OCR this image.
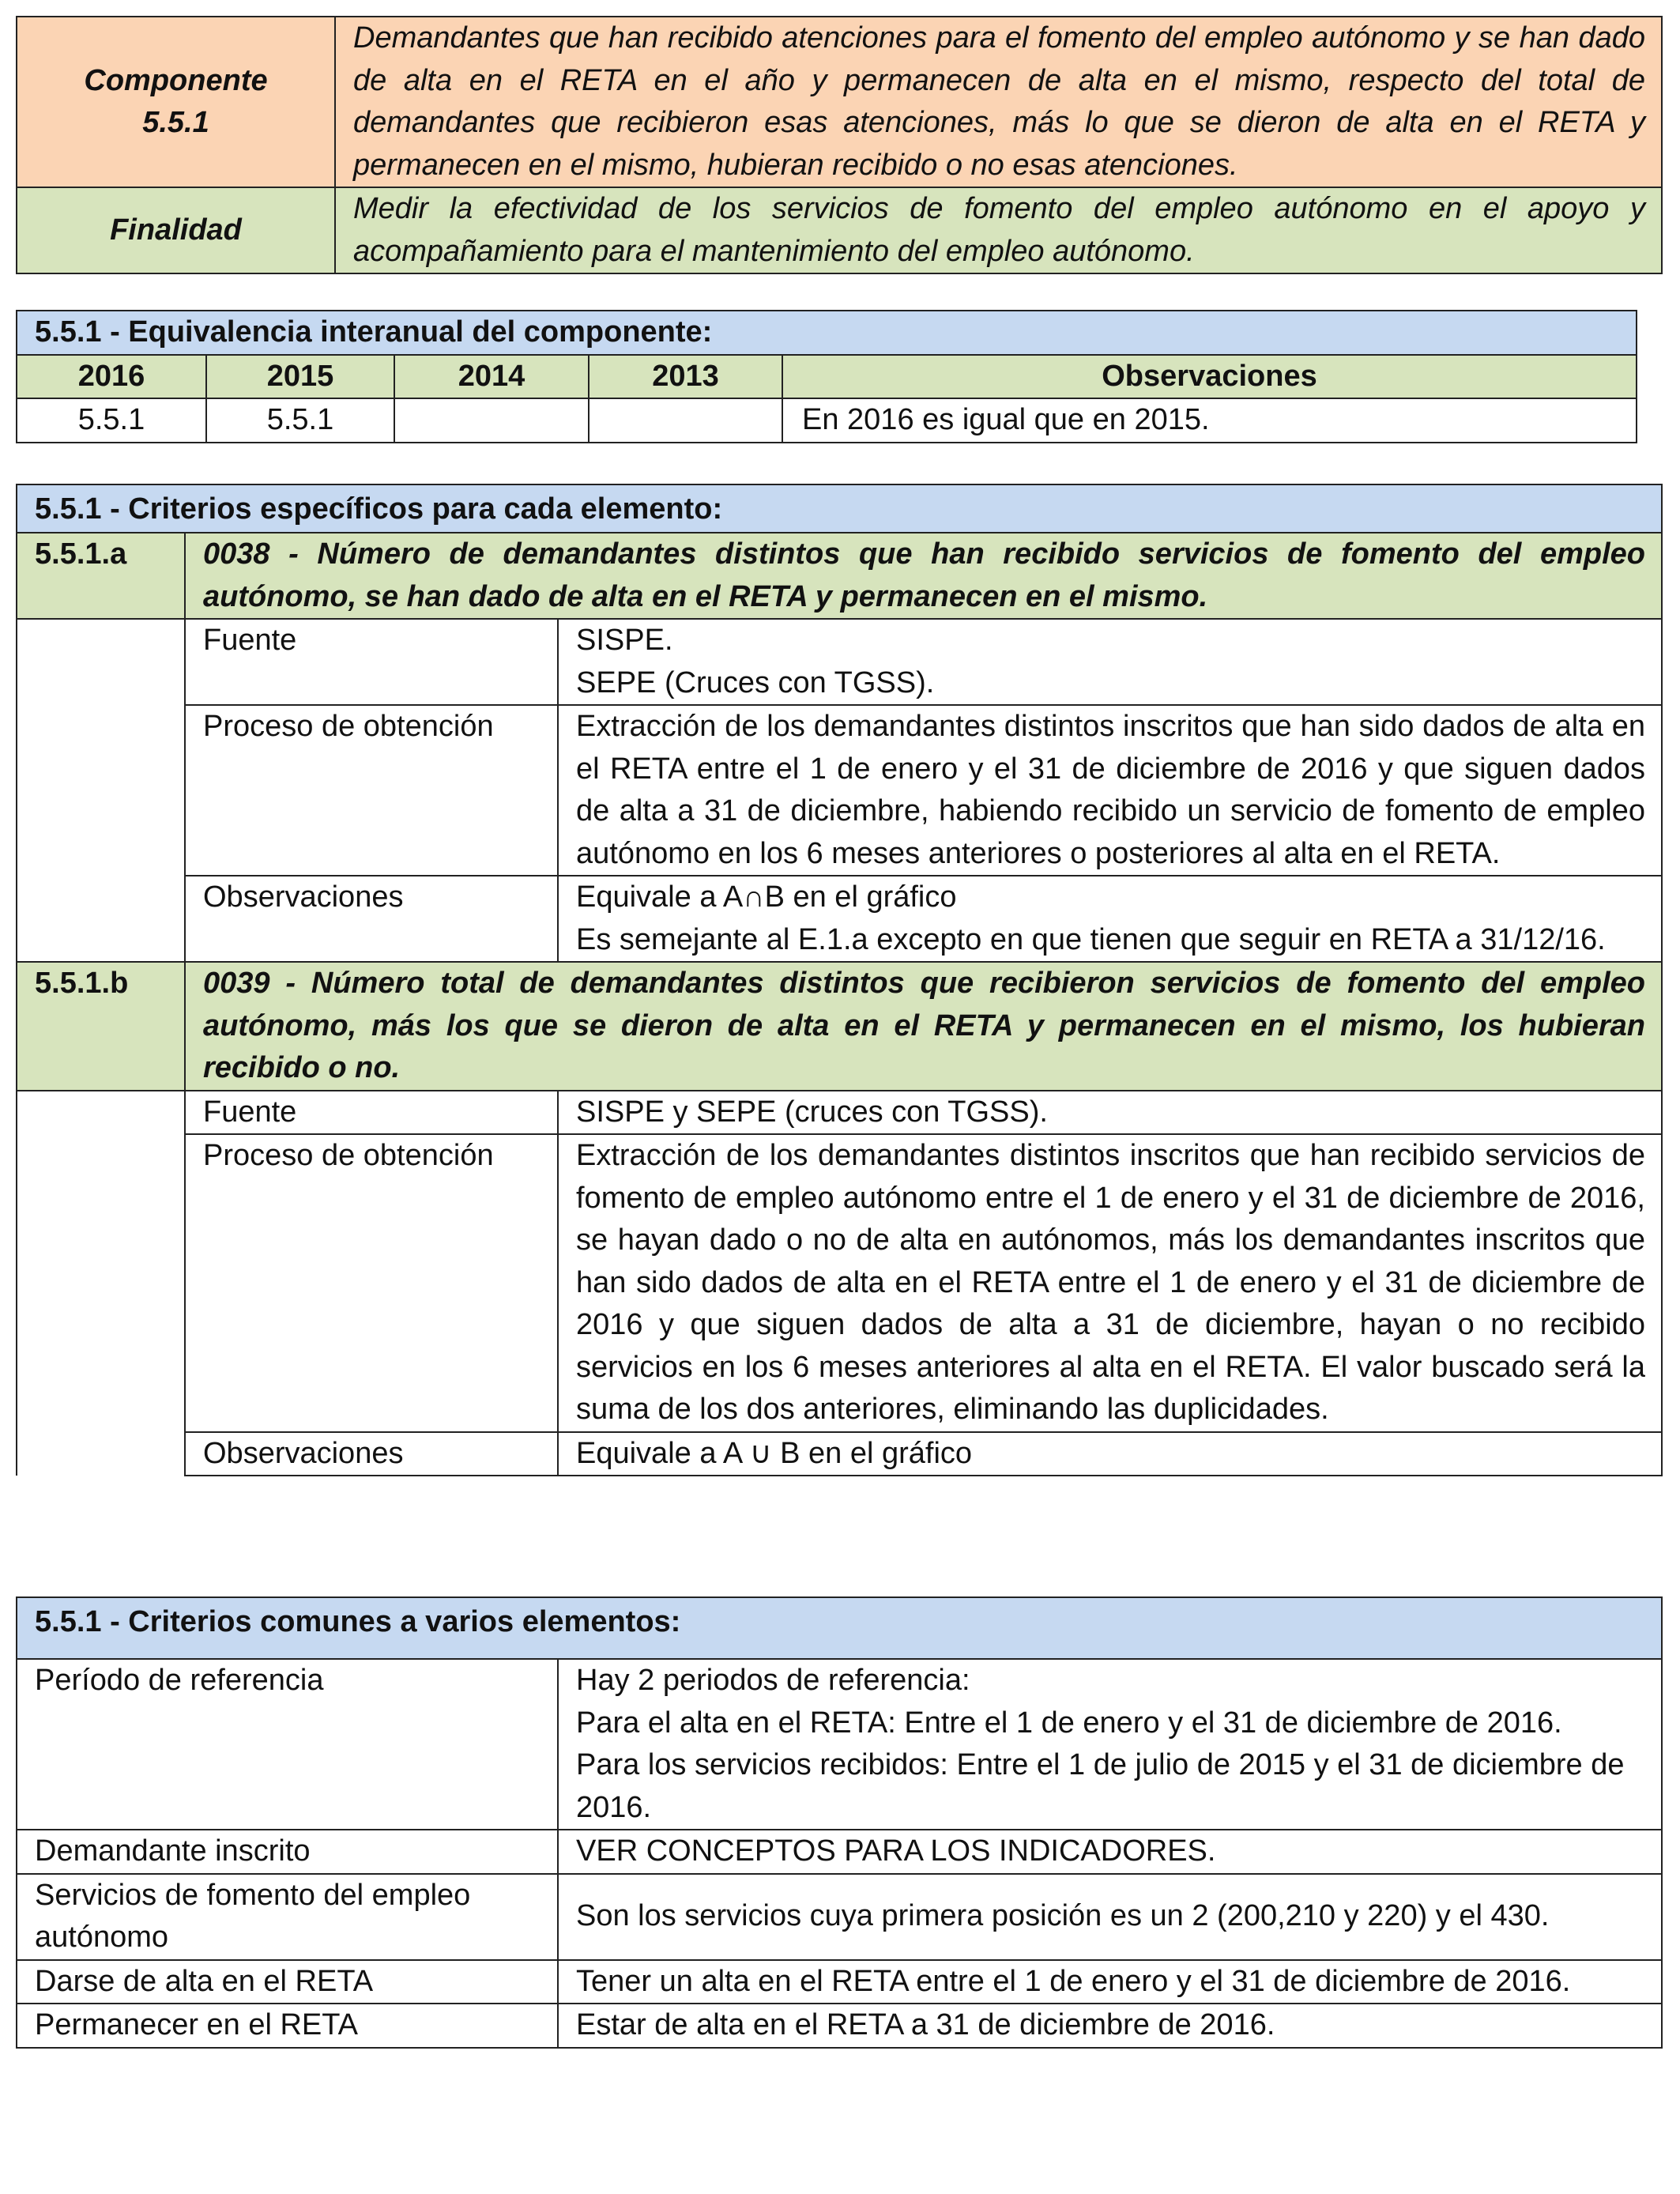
Componente
5.5.1	Demandantes que han recibido atenciones para el fomento del empleo autónomo y se han dado de alta en el RETA en el año y permanecen de alta en el mismo, respecto del total de demandantes que recibieron esas atenciones, más lo que se dieron de alta en el RETA y permanecen en el mismo, hubieran recibido o no esas atenciones.
Finalidad	Medir la efectividad de los servicios de fomento del empleo autónomo en el apoyo y acompañamiento para el mantenimiento del empleo autónomo.
5.5.1 - Equivalencia interanual del componente:				
2016	2015	2014	2013	Observaciones
5.5.1	5.5.1			En 2016 es igual que en 2015.
5.5.1 - Criterios específicos para cada elemento:		
5.5.1.a	0038 - Número de demandantes distintos que han recibido servicios de fomento del empleo autónomo, se han dado de alta en el RETA y permanecen en el mismo.	
	Fuente	SISPE.
SEPE (Cruces con TGSS).

	Proceso de obtención	Extracción de los demandantes distintos inscritos que han sido dados de alta en el RETA entre el 1 de enero y el 31 de diciembre de 2016 y que siguen dados de alta a 31 de diciembre, habiendo recibido un servicio de fomento de empleo autónomo en los 6 meses anteriores o posteriores al alta en el RETA.
	Observaciones	Equivale a A∩B en el gráfico
Es semejante al E.1.a excepto en que tienen que seguir en RETA a 31/12/16.

5.5.1.b	0039 - Número total de demandantes distintos que recibieron servicios de fomento del empleo autónomo, más los que se dieron de alta en el RETA y permanecen en el mismo, los hubieran recibido o no.	
	Fuente	SISPE y SEPE (cruces con TGSS).
	Proceso de obtención	Extracción de los demandantes distintos inscritos que han recibido servicios de fomento de empleo autónomo entre el 1 de enero y el 31 de diciembre de 2016, se hayan dado o no de alta en autónomos, más los demandantes inscritos que han sido dados de alta en el RETA entre el 1 de enero y el 31 de diciembre de 2016 y que siguen dados de alta a 31 de diciembre, hayan o no recibido servicios en los 6 meses anteriores al alta en el RETA. El valor buscado será la suma de los dos anteriores, eliminando las duplicidades.
	Observaciones	Equivale a A ∪ B en el gráfico
5.5.1 - Criterios comunes a varios elementos:	
Período de referencia	Hay 2 periodos de referencia:
Para el alta en el RETA: Entre el 1 de enero y el 31 de diciembre de 2016.
Para los servicios recibidos: Entre el 1 de julio de 2015 y el 31 de diciembre de 2016.

Demandante inscrito	VER CONCEPTOS PARA LOS INDICADORES.
Servicios de fomento del empleo autónomo	Son los servicios cuya primera posición es un 2 (200,210 y 220) y el 430.
Darse de alta en el RETA	Tener un alta en el RETA entre el 1 de enero y el 31 de diciembre de 2016.
Permanecer en el RETA	Estar de alta en el RETA a 31 de diciembre de 2016.
